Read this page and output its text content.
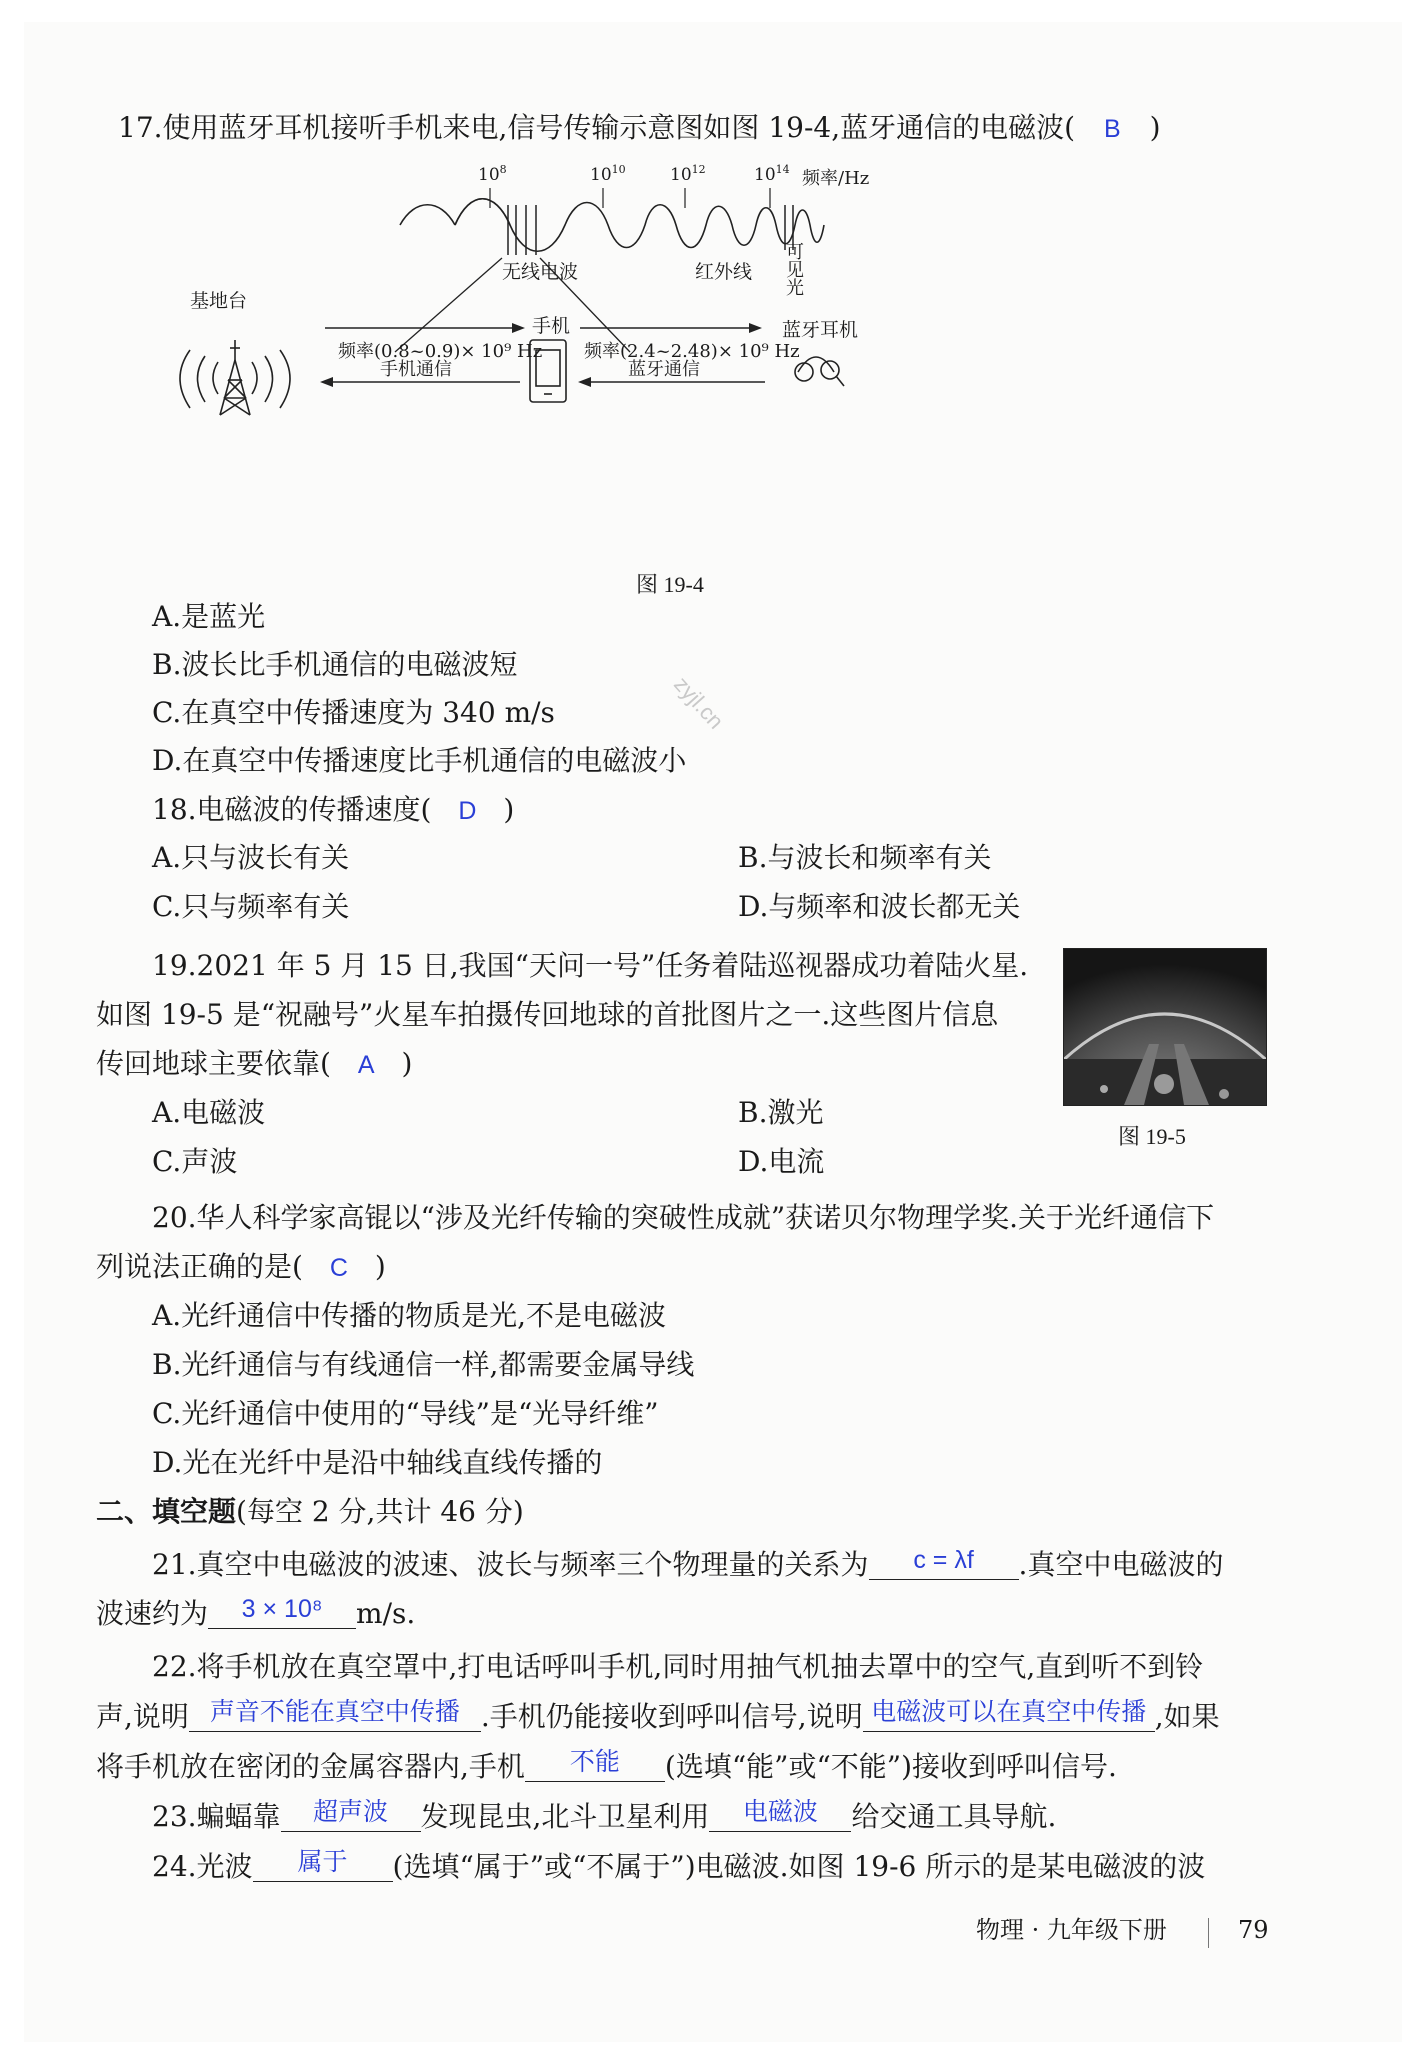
17.使用蓝牙耳机接听手机来电,信号传输示意图如图 19-4,蓝牙通信的电磁波( B )
$10^8$	$10^{10}$	$10^{12}$	$10^{14}$ 频率/Hz
无线电波	红外线
可
见
光
基地台
频率(0.8~0.9)× 10⁹ Hz
手机通信
手机
频率(2.4~2.48)× 10⁹ Hz
蓝牙通信
蓝牙耳机
图 19-4
A.是蓝光
B.波长比手机通信的电磁波短
C.在真空中传播速度为 340 m/s
D.在真空中传播速度比手机通信的电磁波小
zyjl.cn
18.电磁波的传播速度( D )
A.只与波长有关	B.与波长和频率有关
C.只与频率有关	D.与频率和波长都无关
19.2021 年 5 月 15 日,我国“天问一号”任务着陆巡视器成功着陆火星.
如图 19-5 是“祝融号”火星车拍摄传回地球的首批图片之一.这些图片信息
传回地球主要依靠( A )
A.电磁波	B.激光
C.声波	D.电流
图 19-5
20.华人科学家高锟以“涉及光纤传输的突破性成就”获诺贝尔物理学奖.关于光纤通信下
列说法正确的是( C )
A.光纤通信中传播的物质是光,不是电磁波
B.光纤通信与有线通信一样,都需要金属导线
C.光纤通信中使用的“导线”是“光导纤维”
D.光在光纤中是沿中轴线直线传播的
二、填空题(每空 2 分,共计 46 分)
21.真空中电磁波的波速、波长与频率三个物理量的关系为 c = λf .真空中电磁波的
波速约为 3 × 10⁸ m/s.
22.将手机放在真空罩中,打电话呼叫手机,同时用抽气机抽去罩中的空气,直到听不到铃
声,说明 声音不能在真空中传播 .手机仍能接收到呼叫信号,说明 电磁波可以在真空中传播 ,如果
将手机放在密闭的金属容器内,手机 不能 (选填“能”或“不能”)接收到呼叫信号.
23.蝙蝠靠 超声波 发现昆虫,北斗卫星利用 电磁波 给交通工具导航.
24.光波 属于 (选填“属于”或“不属于”)电磁波.如图 19-6 所示的是某电磁波的波
物理 · 九年级下册	79
